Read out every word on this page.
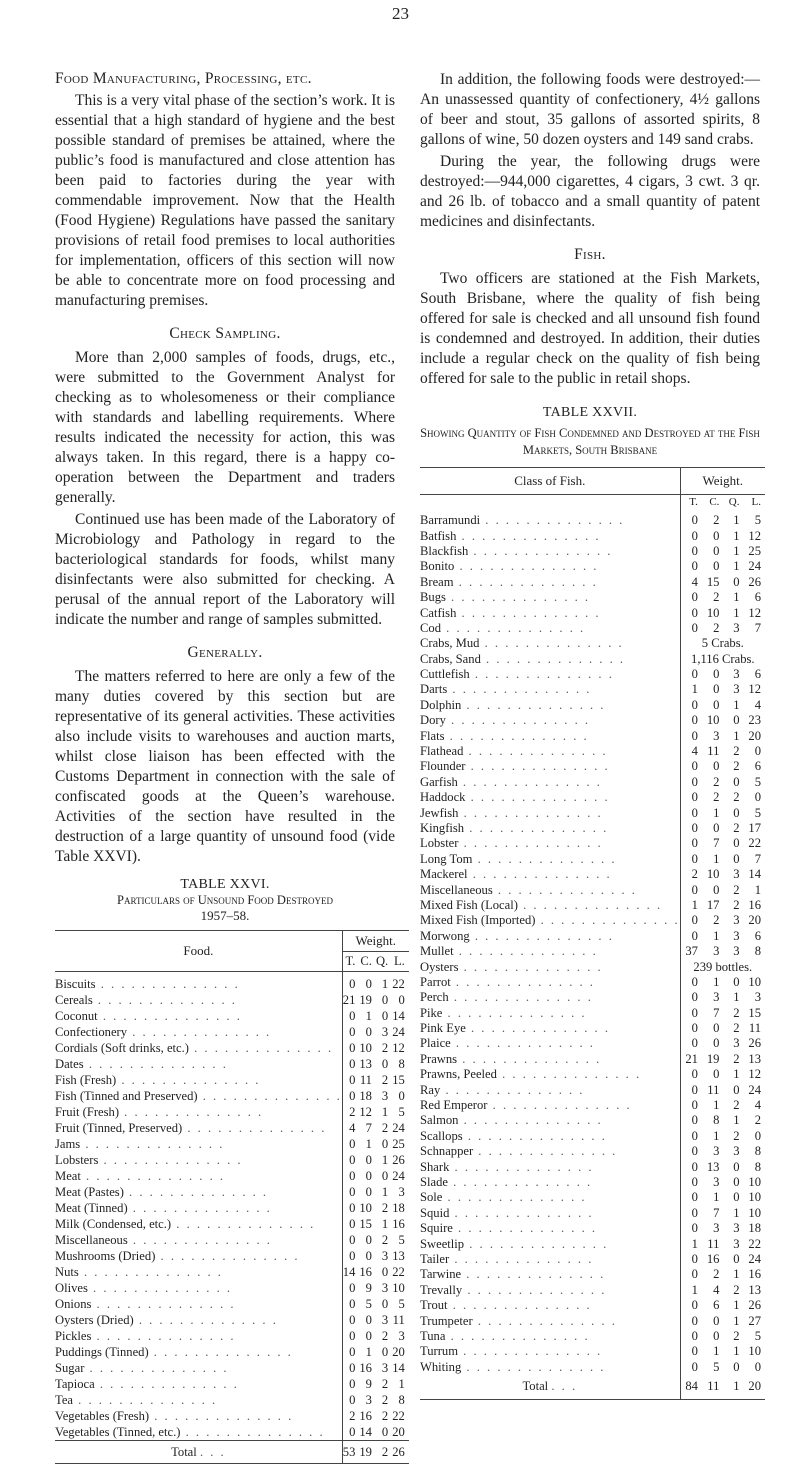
23
Food Manufacturing, Processing, etc.

This is a very vital phase of the section’s work. It is essential that a high standard of hygiene and the best possible standard of premises be attained, where the public’s food is manufactured and close attention has been paid to factories during the year with commendable improvement. Now that the Health (Food Hygiene) Regulations have passed the sanitary provisions of retail food premises to local authorities for implementation, officers of this section will now be able to concentrate more on food processing and manufacturing premises.

Check Sampling.

More than 2,000 samples of foods, drugs, etc., were submitted to the Government Analyst for checking as to wholesomeness or their compliance with standards and labelling requirements. Where results indicated the necessity for action, this was always taken. In this regard, there is a happy co-operation between the Department and traders generally.

Continued use has been made of the Laboratory of Microbiology and Pathology in regard to the bacteriological standards for foods, whilst many disinfectants were also submitted for checking. A perusal of the annual report of the Laboratory will indicate the number and range of samples submitted.

Generally.

The matters referred to here are only a few of the many duties covered by this section but are representative of its general activities. These activities also include visits to warehouses and auction marts, whilst close liaison has been effected with the Customs Department in connection with the sale of confiscated goods at the Queen’s warehouse. Activities of the section have resulted in the destruction of a large quantity of unsound food (vide Table XXVI).

TABLE XXVI.
Particulars of Unsound Food Destroyed
1957–58.
Food.	Weight.			
	T.	C.	Q.	L.
Biscuits . . . . . . . . . . . . . .	0	0	1	22
Cereals . . . . . . . . . . . . . .	21	19	0	0
Coconut . . . . . . . . . . . . . .	0	1	0	14
Confectionery . . . . . . . . . . . . . .	0	0	3	24
Cordials (Soft drinks, etc.) . . . . . . . . . . . . . .	0	10	2	12
Dates . . . . . . . . . . . . . .	0	13	0	8
Fish (Fresh) . . . . . . . . . . . . . .	0	11	2	15
Fish (Tinned and Preserved) . . . . . . . . . . . . . .	0	18	3	0
Fruit (Fresh) . . . . . . . . . . . . . .	2	12	1	5
Fruit (Tinned, Preserved) . . . . . . . . . . . . . .	4	7	2	24
Jams . . . . . . . . . . . . . .	0	1	0	25
Lobsters . . . . . . . . . . . . . .	0	0	1	26
Meat . . . . . . . . . . . . . .	0	0	0	24
Meat (Pastes) . . . . . . . . . . . . . .	0	0	1	3
Meat (Tinned) . . . . . . . . . . . . . .	0	10	2	18
Milk (Condensed, etc.) . . . . . . . . . . . . . .	0	15	1	16
Miscellaneous . . . . . . . . . . . . . .	0	0	2	5
Mushrooms (Dried) . . . . . . . . . . . . . .	0	0	3	13
Nuts . . . . . . . . . . . . . .	14	16	0	22
Olives . . . . . . . . . . . . . .	0	9	3	10
Onions . . . . . . . . . . . . . .	0	5	0	5
Oysters (Dried) . . . . . . . . . . . . . .	0	0	3	11
Pickles . . . . . . . . . . . . . .	0	0	2	3
Puddings (Tinned) . . . . . . . . . . . . . .	0	1	0	20
Sugar . . . . . . . . . . . . . .	0	16	3	14
Tapioca . . . . . . . . . . . . . .	0	9	2	1
Tea . . . . . . . . . . . . . .	0	3	2	8
Vegetables (Fresh) . . . . . . . . . . . . . .	2	16	2	22
Vegetables (Tinned, etc.) . . . . . . . . . . . . . .	0	14	0	20
Total . . .	53	19	2	26

In addition, the following foods were destroyed:—An unassessed quantity of confectionery, 4½ gallons of beer and stout, 35 gallons of assorted spirits, 8 gallons of wine, 50 dozen oysters and 149 sand crabs.

During the year, the following drugs were destroyed:—944,000 cigarettes, 4 cigars, 3 cwt. 3 qr. and 26 lb. of tobacco and a small quantity of patent medicines and disinfectants.

Fish.

Two officers are stationed at the Fish Markets, South Brisbane, where the quality of fish being offered for sale is checked and all unsound fish found is condemned and destroyed. In addition, their duties include a regular check on the quality of fish being offered for sale to the public in retail shops.

TABLE XXVII.
Showing Quantity of Fish Condemned and Destroyed at the Fish Markets, South Brisbane
Class of Fish.	Weight.			
	T.	C.	Q.	L.
Barramundi . . . . . . . . . . . . . .	0	2	1	5
Batfish . . . . . . . . . . . . . .	0	0	1	12
Blackfish . . . . . . . . . . . . . .	0	0	1	25
Bonito . . . . . . . . . . . . . .	0	0	1	24
Bream . . . . . . . . . . . . . .	4	15	0	26
Bugs . . . . . . . . . . . . . .	0	2	1	6
Catfish . . . . . . . . . . . . . .	0	10	1	12
Cod . . . . . . . . . . . . . .	0	2	3	7
Crabs, Mud . . . . . . . . . . . . . .	5 Crabs.			
Crabs, Sand . . . . . . . . . . . . . .	1,116 Crabs.			
Cuttlefish . . . . . . . . . . . . . .	0	0	3	6
Darts . . . . . . . . . . . . . .	1	0	3	12
Dolphin . . . . . . . . . . . . . .	0	0	1	4
Dory . . . . . . . . . . . . . .	0	10	0	23
Flats . . . . . . . . . . . . . .	0	3	1	20
Flathead . . . . . . . . . . . . . .	4	11	2	0
Flounder . . . . . . . . . . . . . .	0	0	2	6
Garfish . . . . . . . . . . . . . .	0	2	0	5
Haddock . . . . . . . . . . . . . .	0	2	2	0
Jewfish . . . . . . . . . . . . . .	0	1	0	5
Kingfish . . . . . . . . . . . . . .	0	0	2	17
Lobster . . . . . . . . . . . . . .	0	7	0	22
Long Tom . . . . . . . . . . . . . .	0	1	0	7
Mackerel . . . . . . . . . . . . . .	2	10	3	14
Miscellaneous . . . . . . . . . . . . . .	0	0	2	1
Mixed Fish (Local) . . . . . . . . . . . . . .	1	17	2	16
Mixed Fish (Imported) . . . . . . . . . . . . . .	0	2	3	20
Morwong . . . . . . . . . . . . . .	0	1	3	6
Mullet . . . . . . . . . . . . . .	37	3	3	8
Oysters . . . . . . . . . . . . . .	239 bottles.			
Parrot . . . . . . . . . . . . . .	0	1	0	10
Perch . . . . . . . . . . . . . .	0	3	1	3
Pike . . . . . . . . . . . . . .	0	7	2	15
Pink Eye . . . . . . . . . . . . . .	0	0	2	11
Plaice . . . . . . . . . . . . . .	0	0	3	26
Prawns . . . . . . . . . . . . . .	21	19	2	13
Prawns, Peeled . . . . . . . . . . . . . .	0	0	1	12
Ray . . . . . . . . . . . . . .	0	11	0	24
Red Emperor . . . . . . . . . . . . . .	0	1	2	4
Salmon . . . . . . . . . . . . . .	0	8	1	2
Scallops . . . . . . . . . . . . . .	0	1	2	0
Schnapper . . . . . . . . . . . . . .	0	3	3	8
Shark . . . . . . . . . . . . . .	0	13	0	8
Slade . . . . . . . . . . . . . .	0	3	0	10
Sole . . . . . . . . . . . . . .	0	1	0	10
Squid . . . . . . . . . . . . . .	0	7	1	10
Squire . . . . . . . . . . . . . .	0	3	3	18
Sweetlip . . . . . . . . . . . . . .	1	11	3	22
Tailer . . . . . . . . . . . . . .	0	16	0	24
Tarwine . . . . . . . . . . . . . .	0	2	1	16
Trevally . . . . . . . . . . . . . .	1	4	2	13
Trout . . . . . . . . . . . . . .	0	6	1	26
Trumpeter . . . . . . . . . . . . . .	0	0	1	27
Tuna . . . . . . . . . . . . . .	0	0	2	5
Turrum . . . . . . . . . . . . . .	0	1	1	10
Whiting . . . . . . . . . . . . . .	0	5	0	0
Total . . .	84	11	1	20
